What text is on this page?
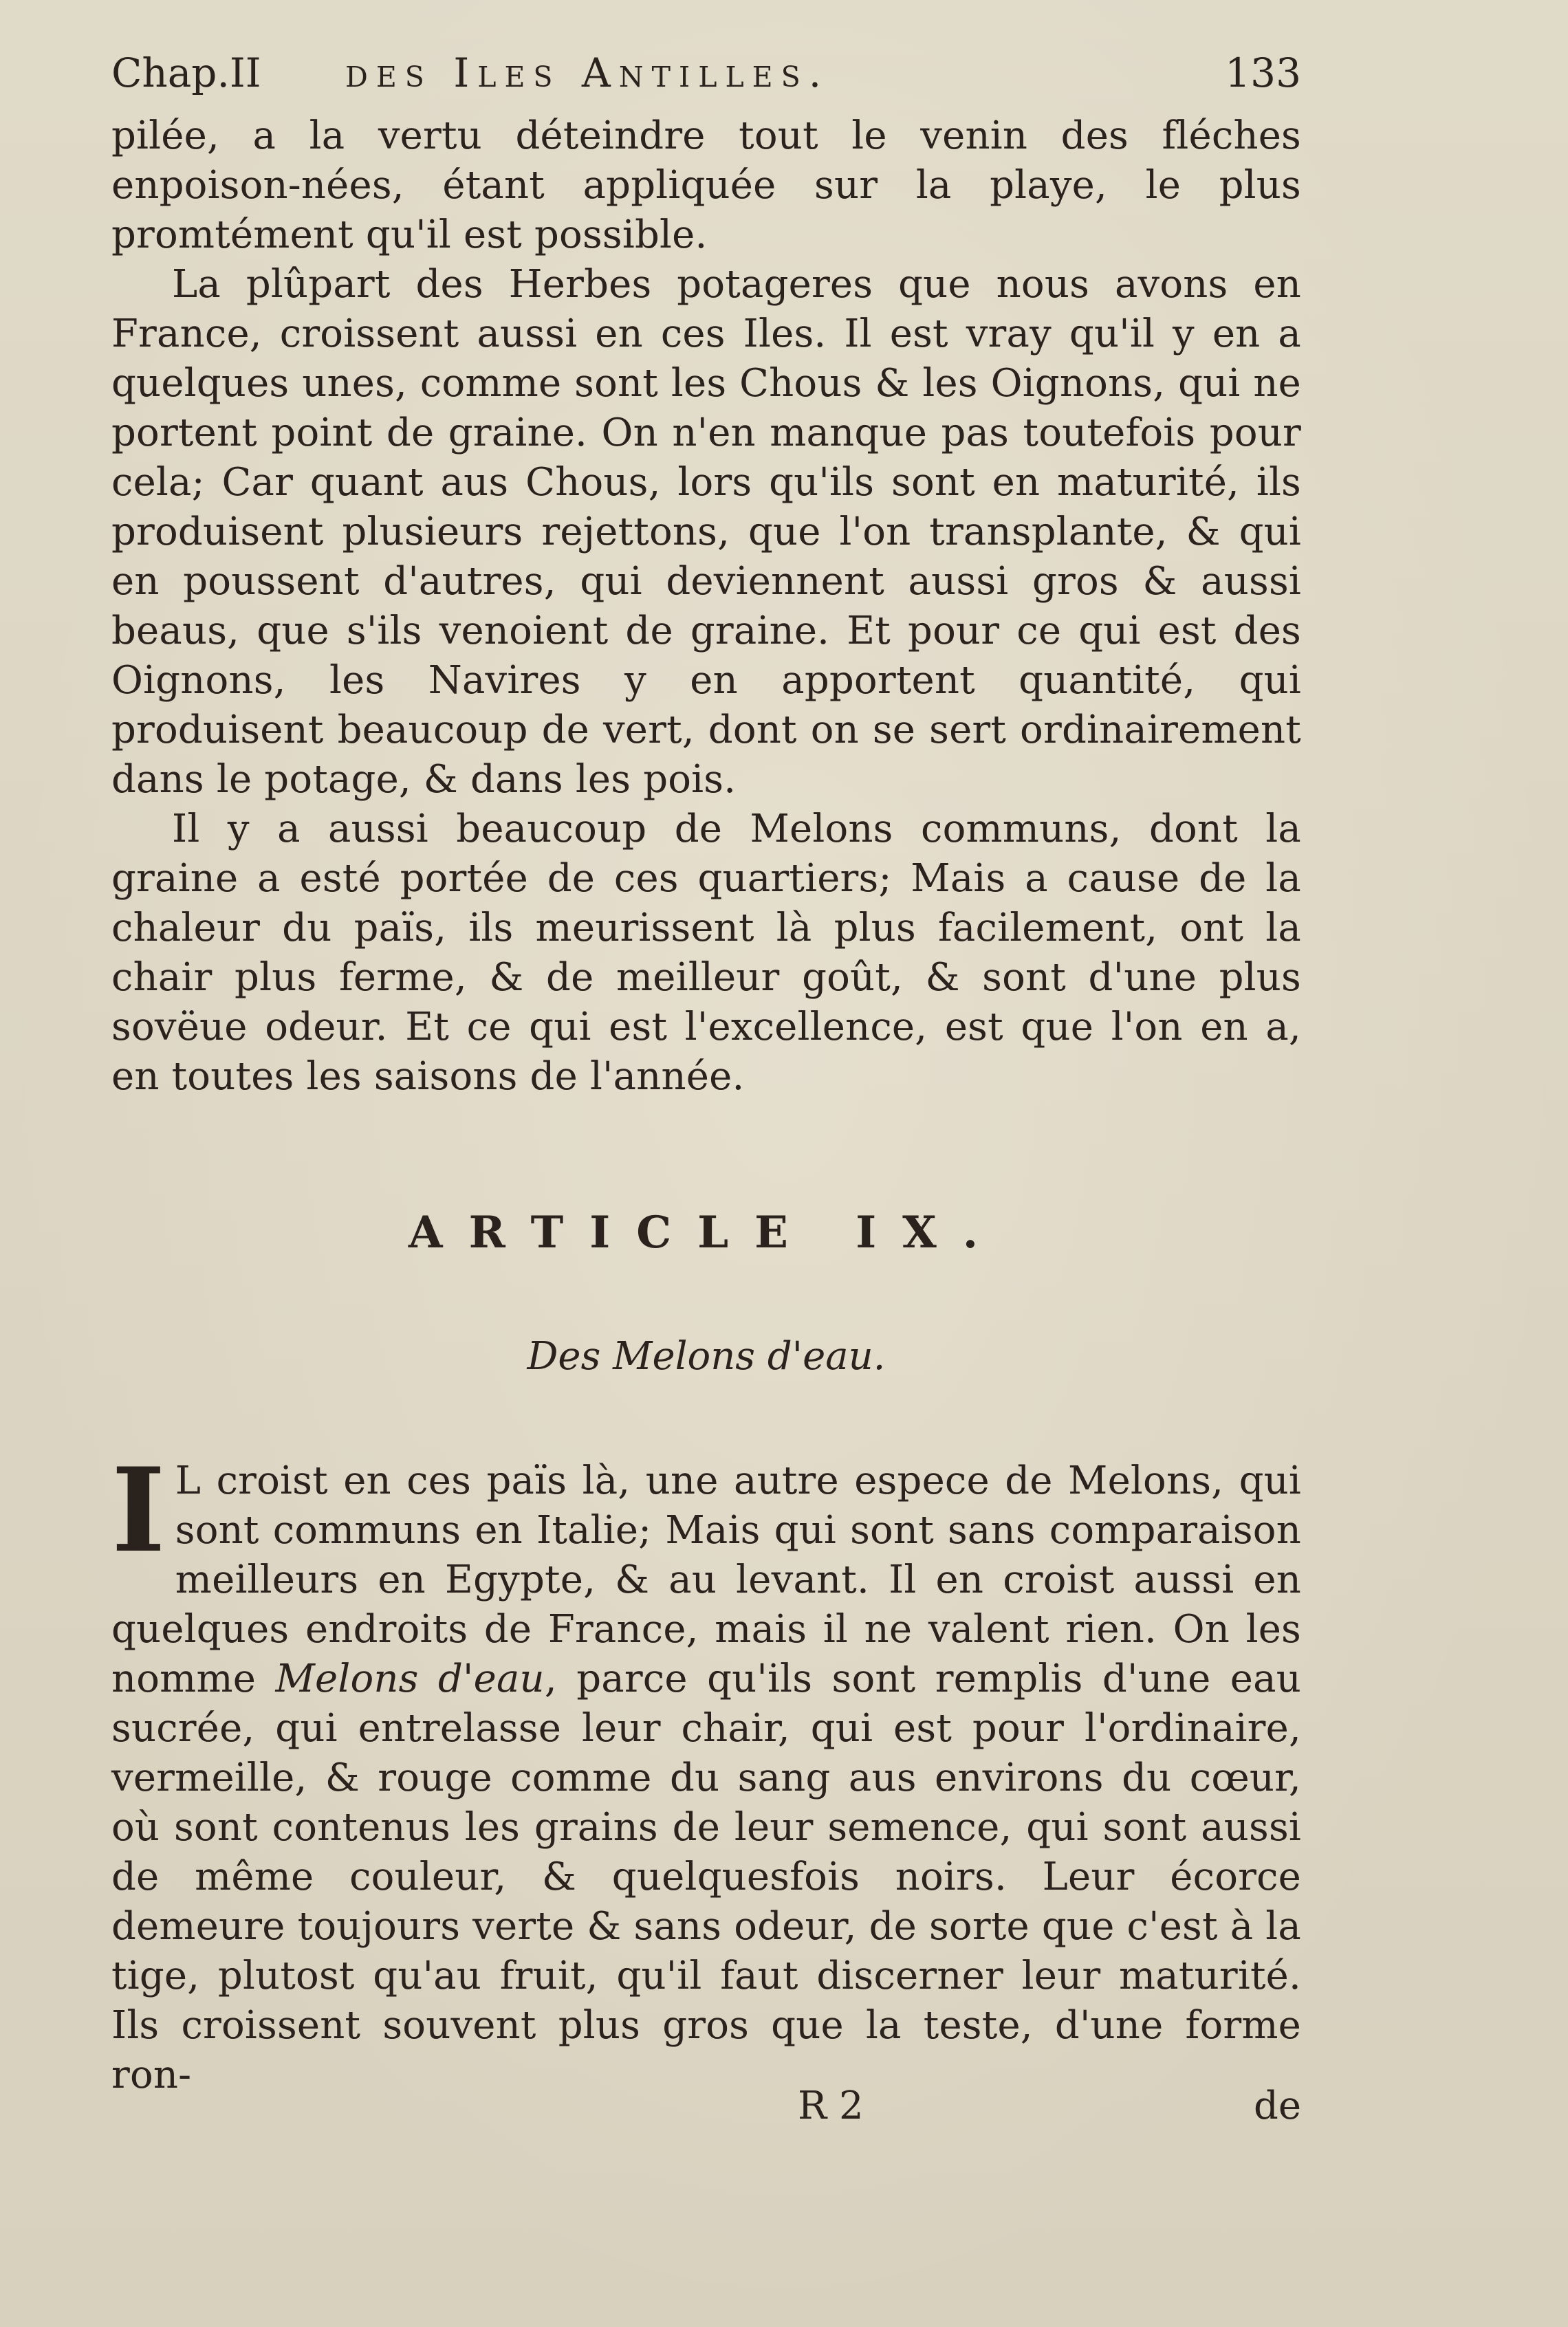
Chap.II des Iles Antilles.	133

pilée, a la vertu déteindre tout le venin des fléches enpoison-nées, étant appliquée sur la playe, le plus promtément qu'il est possible.

La plûpart des Herbes potageres que nous avons en France, croissent aussi en ces Iles. Il est vray qu'il y en a quelques unes, comme sont les Chous & les Oignons, qui ne portent point de graine. On n'en manque pas toutefois pour cela; Car quant aus Chous, lors qu'ils sont en maturité, ils produisent plusieurs rejettons, que l'on transplante, & qui en poussent d'autres, qui deviennent aussi gros & aussi beaus, que s'ils venoient de graine. Et pour ce qui est des Oignons, les Navires y en apportent quantité, qui produisent beaucoup de vert, dont on se sert ordinairement dans le potage, & dans les pois.

Il y a aussi beaucoup de Melons communs, dont la graine a esté portée de ces quartiers; Mais a cause de la chaleur du païs, ils meurissent là plus facilement, ont la chair plus ferme, & de meilleur goût, & sont d'une plus sovëue odeur. Et ce qui est l'excellence, est que l'on en a, en toutes les saisons de l'année.

ARTICLE IX.
Des Melons d'eau.
I L croist en ces païs là, une autre espece de Melons, qui sont communs en Italie; Mais qui sont sans comparaison meilleurs en Egypte, & au levant. Il en croist aussi en quelques endroits de France, mais il ne valent rien. On les nomme Melons d'eau, parce qu'ils sont remplis d'une eau sucrée, qui entrelasse leur chair, qui est pour l'ordinaire, vermeille, & rouge comme du sang aus environs du cœur, où sont contenus les grains de leur semence, qui sont aussi de même couleur, & quelquesfois noirs. Leur écorce demeure toujours verte & sans odeur, de sorte que c'est à la tige, plutost qu'au fruit, qu'il faut discerner leur maturité. Ils croissent souvent plus gros que la teste, d'une forme ron-
R 2	de
